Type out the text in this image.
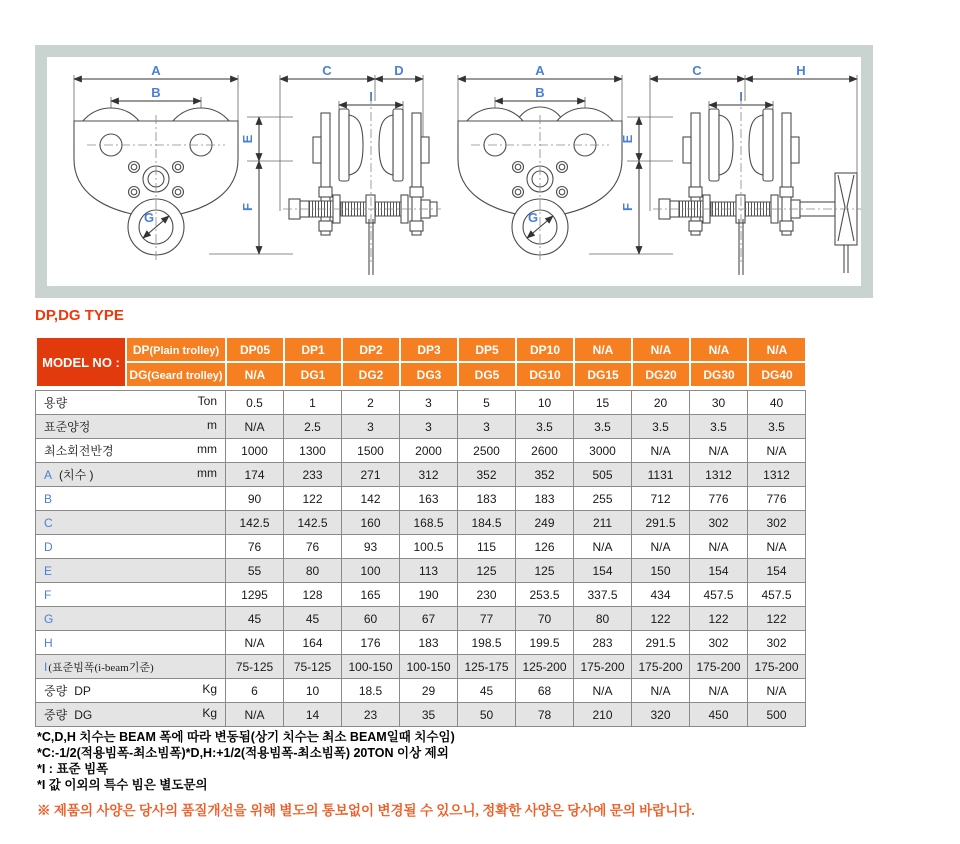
A
B
G
E
F
C	D
I
A
B
G
E
F
C	H
I
DP,DG TYPE
MODEL NO :	DP(Plain trolley)	DP05	DP1	DP2	DP3	DP5	DP10	N/A	N/A	N/A	N/A
	DG(Geard trolley)	N/A	DG1	DG2	DG3	DG5	DG10	DG15	DG20	DG30	DG40
용량 Ton	0.5	1	2	3	5	10	15	20	30	40
표준양정 m	N/A	2.5	3	3	3	3.5	3.5	3.5	3.5	3.5
최소회전반경 mm	1000	1300	1500	2000	2500	2600	3000	N/A	N/A	N/A
A (치수 ) mm	174	233	271	312	352	352	505	1131	1312	1312
B	90	122	142	163	183	183	255	712	776	776
C	142.5	142.5	160	168.5	184.5	249	211	291.5	302	302
D	76	76	93	100.5	115	126	N/A	N/A	N/A	N/A
E	55	80	100	113	125	125	154	150	154	154
F	1295	128	165	190	230	253.5	337.5	434	457.5	457.5
G	45	45	60	67	77	70	80	122	122	122
H	N/A	164	176	183	198.5	199.5	283	291.5	302	302
I(표준빔폭(i-beam기준)	75-125	75-125	100-150	100-150	125-175	125-200	175-200	175-200	175-200	175-200
중량 DP Kg	6	10	18.5	29	45	68	N/A	N/A	N/A	N/A
중량 DG Kg	N/A	14	23	35	50	78	210	320	450	500
*C,D,H 치수는 BEAM 폭에 따라 변동됨(상기 치수는 최소 BEAM일때 치수임)
*C:-1/2(적용빔폭-최소빔폭)*D,H:+1/2(적용빔폭-최소빔폭) 20TON 이상 제외
*I : 표준 빔폭
*I 값 이외의 특수 빔은 별도문의
※ 제품의 사양은 당사의 품질개선을 위해 별도의 통보없이 변경될 수 있으니, 정확한 사양은 당사에 문의 바랍니다.
